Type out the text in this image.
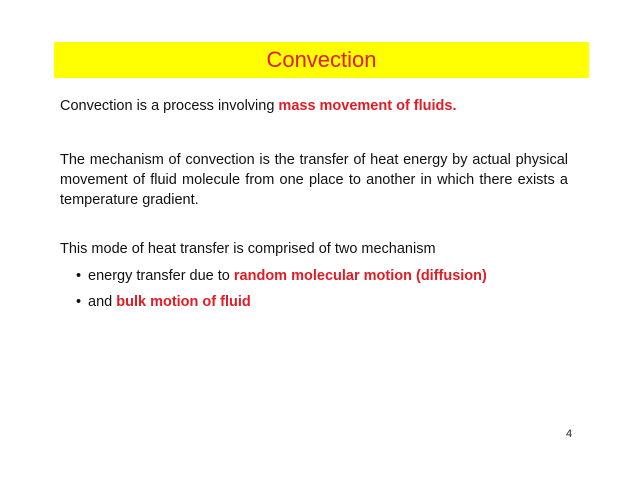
Convection
Convection is a process involving mass movement of fluids.
The mechanism of convection is the transfer of heat energy by actual physical movement of fluid molecule from one place to another in which there exists a temperature gradient.
This mode of heat transfer is comprised of two mechanism
• energy transfer due to random molecular motion (diffusion)
• and bulk motion of fluid
4
